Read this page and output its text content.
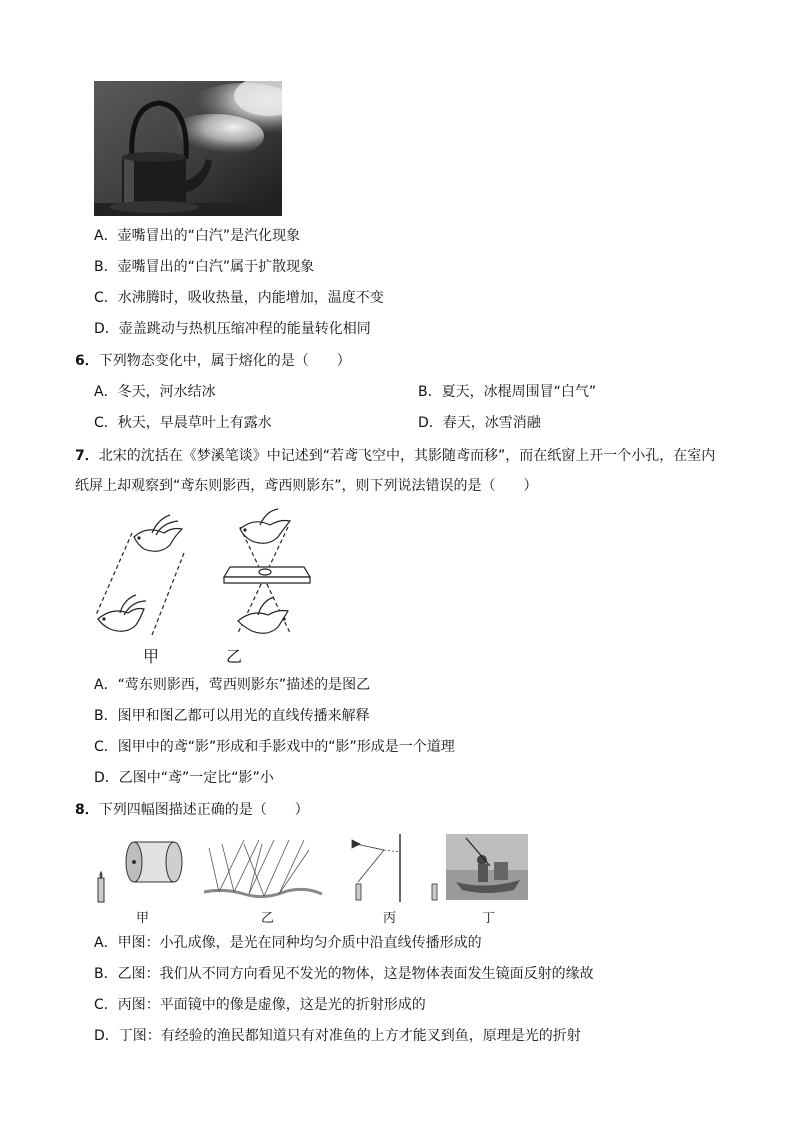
A．壶嘴冒出的“白汽”是汽化现象
B．壶嘴冒出的“白汽”属于扩散现象
C．水沸腾时，吸收热量，内能增加，温度不变
D．壶盖跳动与热机压缩冲程的能量转化相同
6．下列物态变化中，属于熔化的是（　　）
A．冬天，河水结冰	B．夏天，冰棍周围冒“白气”
C．秋天，早晨草叶上有露水	D．春天，冰雪消融
7．北宋的沈括在《梦溪笔谈》中记述到“若鸢飞空中，其影随鸢而移”，而在纸窗上开一个小孔，在室内
纸屏上却观察到“鸢东则影西，鸢西则影东”，则下列说法错误的是（　　）
甲	乙
A．“莺东则影西，莺西则影东”描述的是图乙
B．图甲和图乙都可以用光的直线传播来解释
C．图甲中的鸢“影”形成和手影戏中的“影”形成是一个道理
D．乙图中“鸢”一定比“影”小
8．下列四幅图描述正确的是（　　）
甲	乙	丙	丁
A．甲图：小孔成像，是光在同种均匀介质中沿直线传播形成的
B．乙图：我们从不同方向看见不发光的物体，这是物体表面发生镜面反射的缘故
C．丙图：平面镜中的像是虚像，这是光的折射形成的
D．丁图：有经验的渔民都知道只有对准鱼的上方才能叉到鱼，原理是光的折射
